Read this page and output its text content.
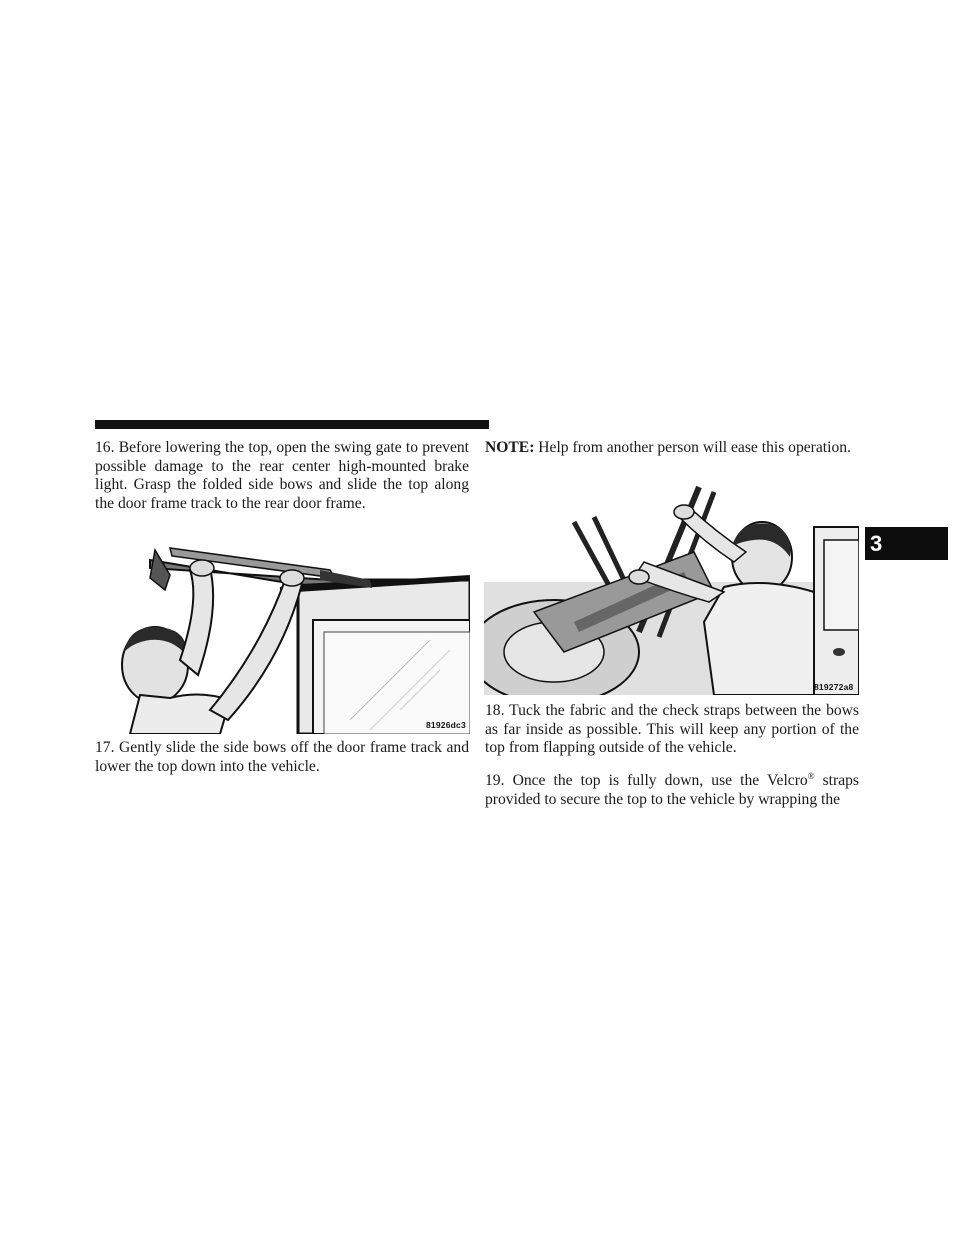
16. Before lowering the top, open the swing gate to prevent possible damage to the rear center high-mounted brake light. Grasp the folded side bows and slide the top along the door frame track to the rear door frame.

81926dc3

17. Gently slide the side bows off the door frame track and lower the top down into the vehicle.

NOTE: Help from another person will ease this operation.

819272a8

18. Tuck the fabric and the check straps between the bows as far inside as possible. This will keep any portion of the top from flapping outside of the vehicle.

19. Once the top is fully down, use the Velcro® straps provided to secure the top to the vehicle by wrapping the

3
